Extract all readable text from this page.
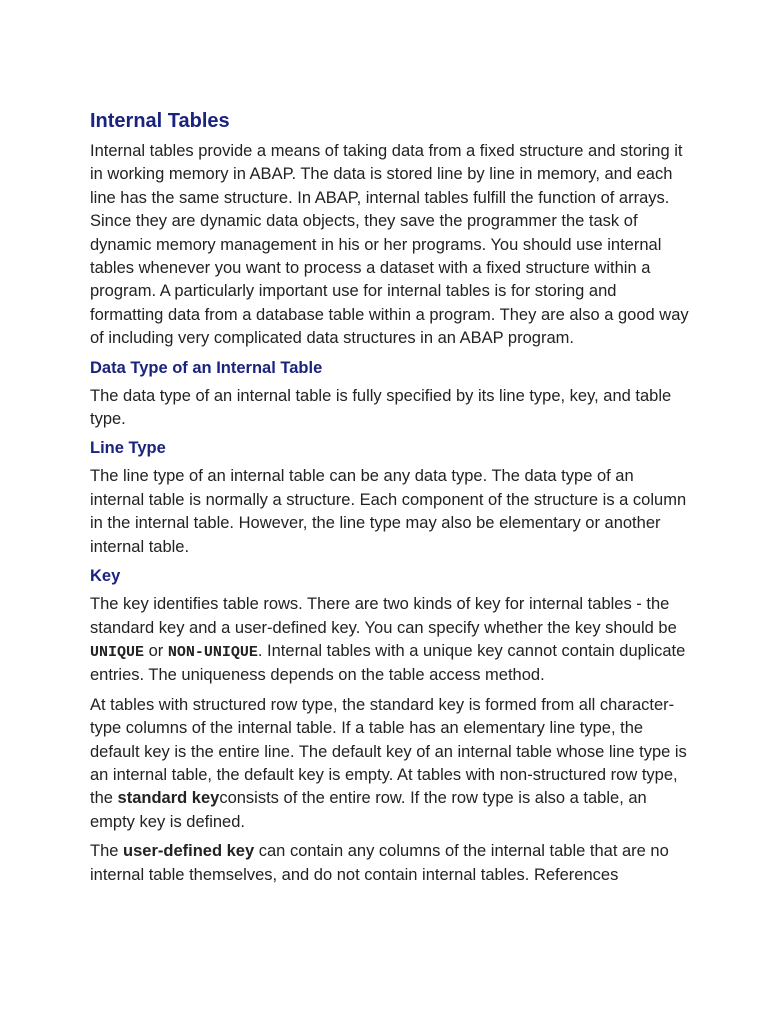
Internal Tables

Internal tables provide a means of taking data from a fixed structure and storing it in working memory in ABAP. The data is stored line by line in memory, and each line has the same structure. In ABAP, internal tables fulfill the function of arrays. Since they are dynamic data objects, they save the programmer the task of dynamic memory management in his or her programs. You should use internal tables whenever you want to process a dataset with a fixed structure within a program. A particularly important use for internal tables is for storing and formatting data from a database table within a program. They are also a good way of including very complicated data structures in an ABAP program.

Data Type of an Internal Table

The data type of an internal table is fully specified by its line type, key, and table type.

Line Type

The line type of an internal table can be any data type. The data type of an internal table is normally a structure. Each component of the structure is a column in the internal table. However, the line type may also be elementary or another internal table.

Key

The key identifies table rows. There are two kinds of key for internal tables - the standard key and a user-defined key. You can specify whether the key should be UNIQUE or NON-UNIQUE. Internal tables with a unique key cannot contain duplicate entries. The uniqueness depends on the table access method.

At tables with structured row type, the standard key is formed from all character-type columns of the internal table. If a table has an elementary line type, the default key is the entire line. The default key of an internal table whose line type is an internal table, the default key is empty. At tables with non-structured row type, the standard keyconsists of the entire row. If the row type is also a table, an empty key is defined.

The user-defined key can contain any columns of the internal table that are no internal table themselves, and do not contain internal tables. References
